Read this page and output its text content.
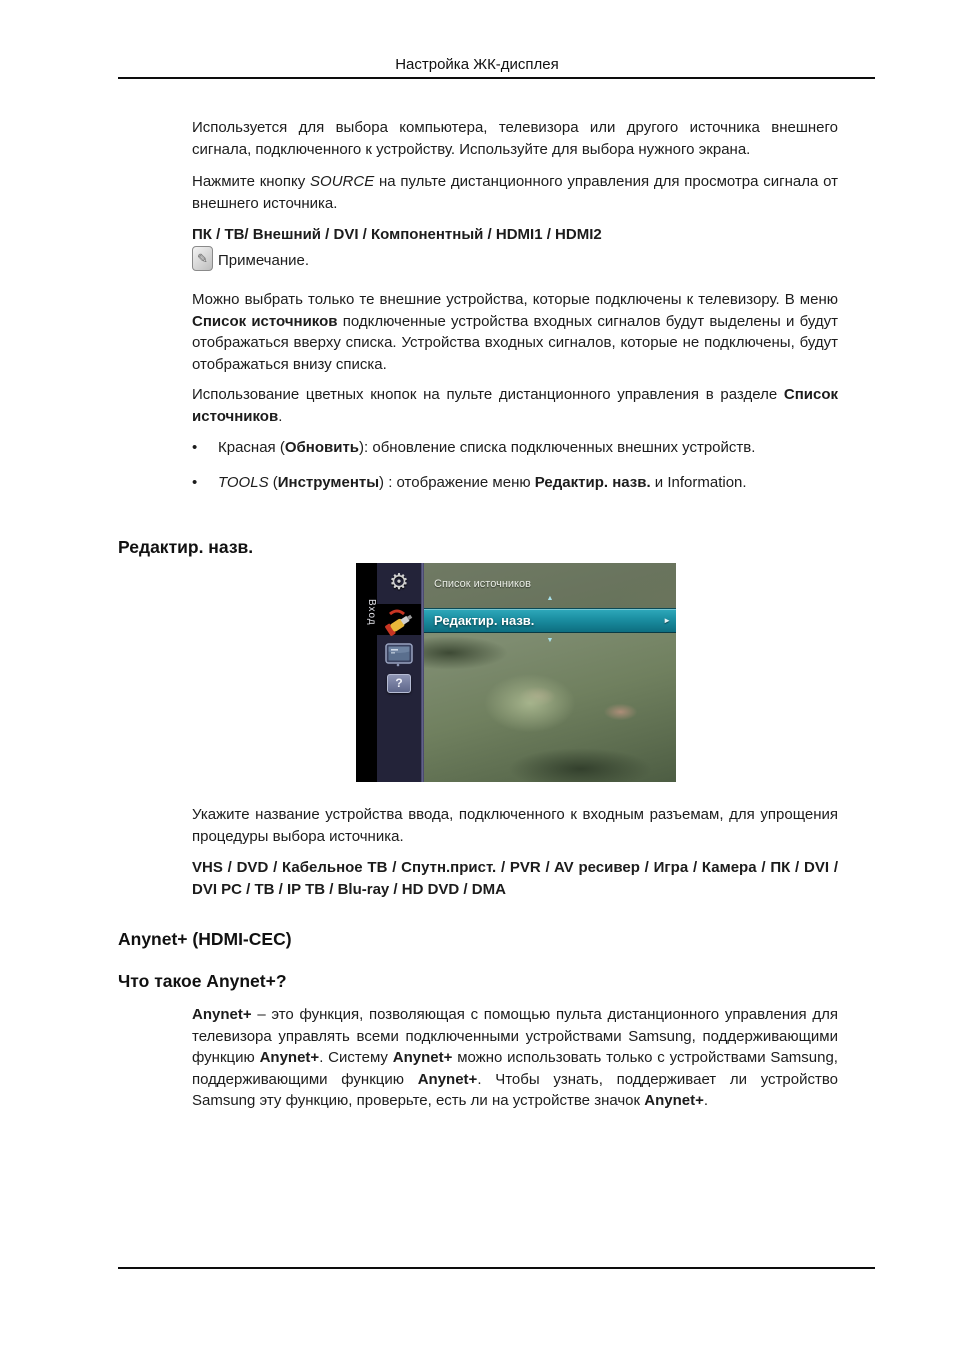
Настройка ЖК-дисплея
Используется для выбора компьютера, телевизора или другого источника внешнего сигнала, подключенного к устройству. Используйте для выбора нужного экрана.
Нажмите кнопку SOURCE на пульте дистанционного управления для просмотра сигнала от внешнего источника.
ПК / ТВ/ Внешний / DVI / Компонентный / HDMI1 / HDMI2
✎ Примечание.
Можно выбрать только те внешние устройства, которые подключены к телевизору. В меню Список источников подключенные устройства входных сигналов будут выделены и будут отображаться вверху списка. Устройства входных сигналов, которые не подключены, будут отображаться внизу списка.
Использование цветных кнопок на пульте дистанционного управления в разделе Список источников.
•	Красная (Обновить): обновление списка подключенных внешних устройств.
•	TOOLS (Инструменты) : отображение меню Редактир. назв. и Information.
Редактир. назв.
Вход
⚙
?
Список источников
▲
Редактир. назв.	►
▼
Укажите название устройства ввода, подключенного к входным разъемам, для упрощения процедуры выбора источника.
VHS / DVD / Кабельное ТВ / Спутн.прист. / PVR / AV ресивер / Игра / Камера / ПК / DVI / DVI PC / ТВ / IP ТВ / Blu-ray / HD DVD / DMA
Anynet+ (HDMI-CEC)
Что такое Anynet+?
Anynet+ – это функция, позволяющая с помощью пульта дистанционного управления для телевизора управлять всеми подключенными устройствами Samsung, поддерживающими функцию Anynet+. Систему Anynet+ можно использовать только с устройствами Samsung, поддерживающими функцию Anynet+. Чтобы узнать, поддерживает ли устройство Samsung эту функцию, проверьте, есть ли на устройстве значок Anynet+.
